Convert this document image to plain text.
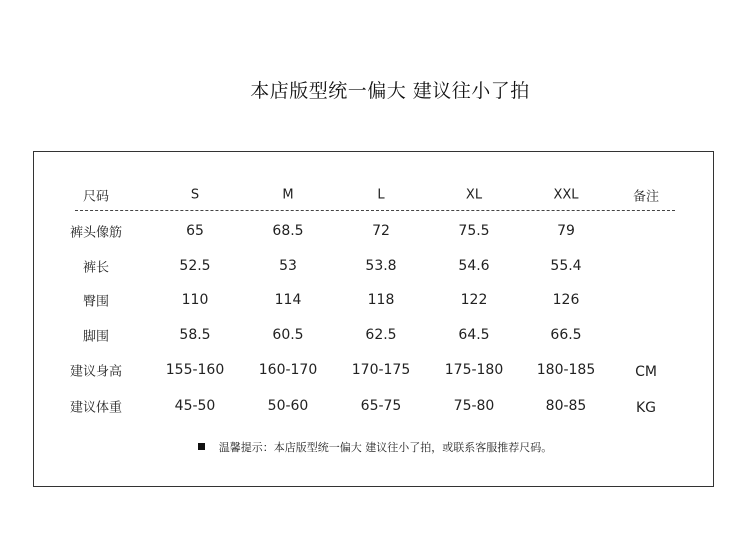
本店版型统一偏大 建议往小了拍
尺码	S	M	L	XL	XXL	备注
裤头像筋	65	68.5	72	75.5	79
裤长	52.5	53	53.8	54.6	55.4
臀围	110	114	118	122	126
脚围	58.5	60.5	62.5	64.5	66.5
建议身高	155-160 160-170 170-175 175-180 180-185	CM
建议体重	45-50	50-60	65-75	75-80	80-85	KG
温馨提示：本店版型统一偏大 建议往小了拍，或联系客服推荐尺码。
